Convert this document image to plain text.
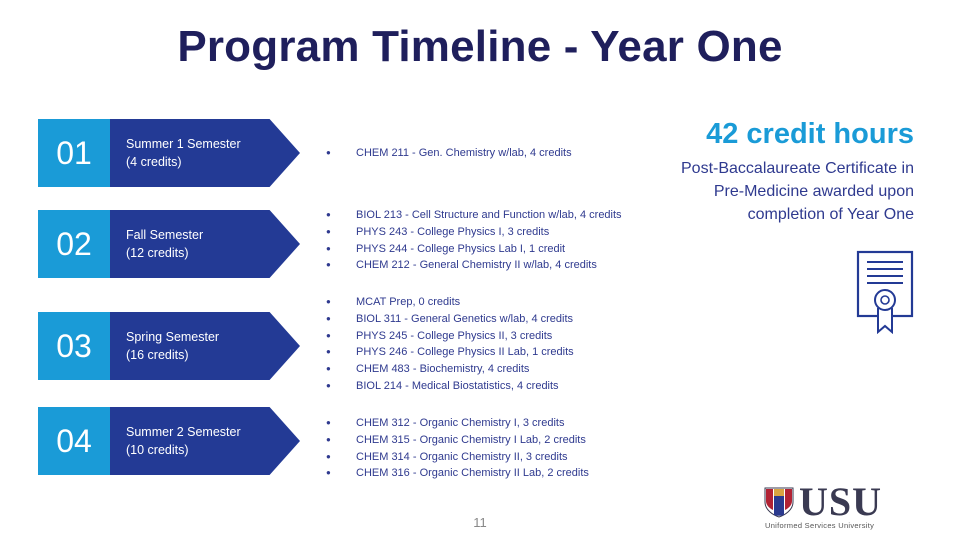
Program Timeline - Year One
01	Summer 1 Semester
(4 credits)
● CHEM 211 - Gen. Chemistry w/lab, 4 credits
02	Fall Semester
(12 credits)
● BIOL 213 - Cell Structure and Function w/lab, 4 credits
● PHYS 243 - College Physics I, 3 credits
● PHYS 244 - College Physics Lab I, 1 credit
● CHEM 212 - General Chemistry II w/lab, 4 credits
03	Spring Semester
(16 credits)
● MCAT Prep, 0 credits
● BIOL 311 - General Genetics w/lab, 4 credits
● PHYS 245 - College Physics II, 3 credits
● PHYS 246 - College Physics II Lab, 1 credits
● CHEM 483 - Biochemistry, 4 credits
● BIOL 214 - Medical Biostatistics, 4 credits
04	Summer 2 Semester
(10 credits)
● CHEM 312 - Organic Chemistry I, 3 credits
● CHEM 315 - Organic Chemistry I Lab, 2 credits
● CHEM 314 - Organic Chemistry II, 3 credits
● CHEM 316 - Organic Chemistry II Lab, 2 credits
42 credit hours
Post-Baccalaureate Certificate in Pre-Medicine awarded upon completion of Year One
11	USU
Uniformed Services University
